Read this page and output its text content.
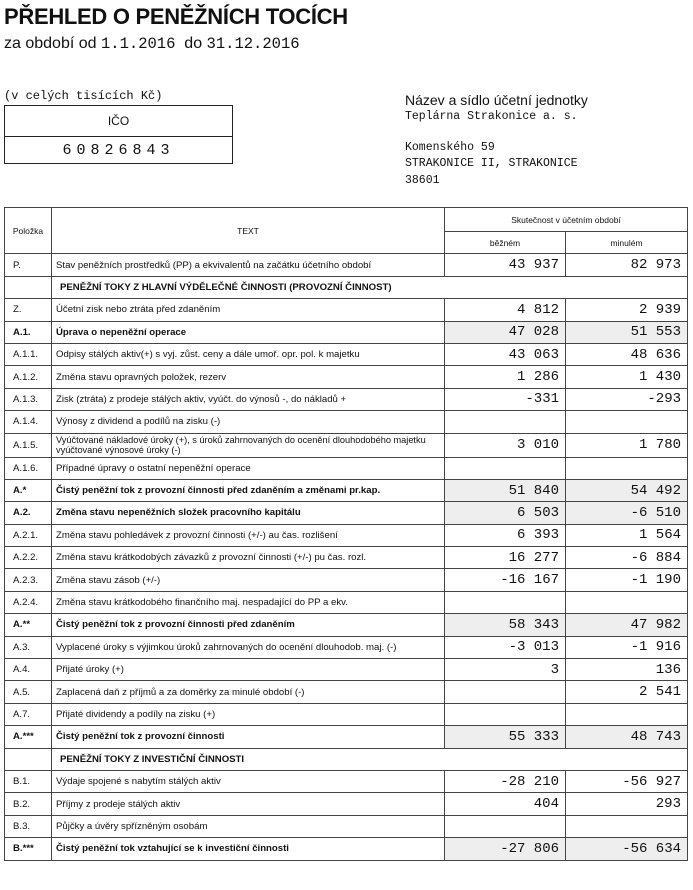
PŘEHLED O PENĚŽNÍCH TOCÍCH
za období od 1.1.2016 do 31.12.2016
(v celých tisících Kč)
IČO
60826843
Název a sídlo účetní jednotky
Teplárna Strakonice a. s.
Komenského 59
STRAKONICE II, STRAKONICE
38601
Položka	TEXT	Skutečnost v účetním období	
		běžném	minulém
P.	Stav peněžních prostředků (PP) a ekvivalentů na začátku účetního období	43 937	82 973
	PENĚŽNÍ TOKY Z HLAVNÍ VÝDĚLEČNÉ ČINNOSTI (PROVOZNÍ ČINNOST)		
Z.	Účetní zisk nebo ztráta před zdaněním	4 812	2 939
A.1.	Úprava o nepeněžní operace	47 028	51 553
A.1.1.	Odpisy stálých aktiv(+) s vyj. zůst. ceny a dále umoř. opr. pol. k majetku	43 063	48 636
A.1.2.	Změna stavu opravných položek, rezerv	1 286	1 430
A.1.3.	Zisk (ztráta) z prodeje stálých aktiv, vyúčt. do výnosů -, do nákladů +	-331	-293
A.1.4.	Výnosy z dividend a podílů na zisku (-)		
A.1.5.	Vyúčtované nákladové úroky (+), s úroků zahrnovaných do ocenění dlouhodobého majetku vyúčtované výnosové úroky (-)	3 010	1 780
A.1.6.	Případné úpravy o ostatní nepeněžní operace		
A.*	Čistý peněžní tok z provozní činnosti před zdaněním a změnami pr.kap.	51 840	54 492
A.2.	Změna stavu nepeněžních složek pracovního kapitálu	6 503	-6 510
A.2.1.	Změna stavu pohledávek z provozní činnosti (+/-) au čas. rozlišení	6 393	1 564
A.2.2.	Změna stavu krátkodobých závazků z provozní činnosti (+/-) pu čas. rozl.	16 277	-6 884
A.2.3.	Změna stavu zásob (+/-)	-16 167	-1 190
A.2.4.	Změna stavu krátkodobého finančního maj. nespadající do PP a ekv.		
A.**	Čistý peněžní tok z provozní činnosti před zdaněním	58 343	47 982
A.3.	Vyplacené úroky s výjimkou úroků zahrnovaných do ocenění dlouhodob. maj. (-)	-3 013	-1 916
A.4.	Přijaté úroky (+)	3	136
A.5.	Zaplacená daň z příjmů a za doměrky za minulé období (-)		2 541
A.7.	Přijaté dividendy a podíly na zisku (+)		
A.***	Čistý peněžní tok z provozní činnosti	55 333	48 743
	PENĚŽNÍ TOKY Z INVESTIČNÍ ČINNOSTI		
B.1.	Výdaje spojené s nabytím stálých aktiv	-28 210	-56 927
B.2.	Příjmy z prodeje stálých aktiv	404	293
B.3.	Půjčky a úvěry spřízněným osobám		
B.***	Čistý peněžní tok vztahující se k investiční činnosti	-27 806	-56 634
